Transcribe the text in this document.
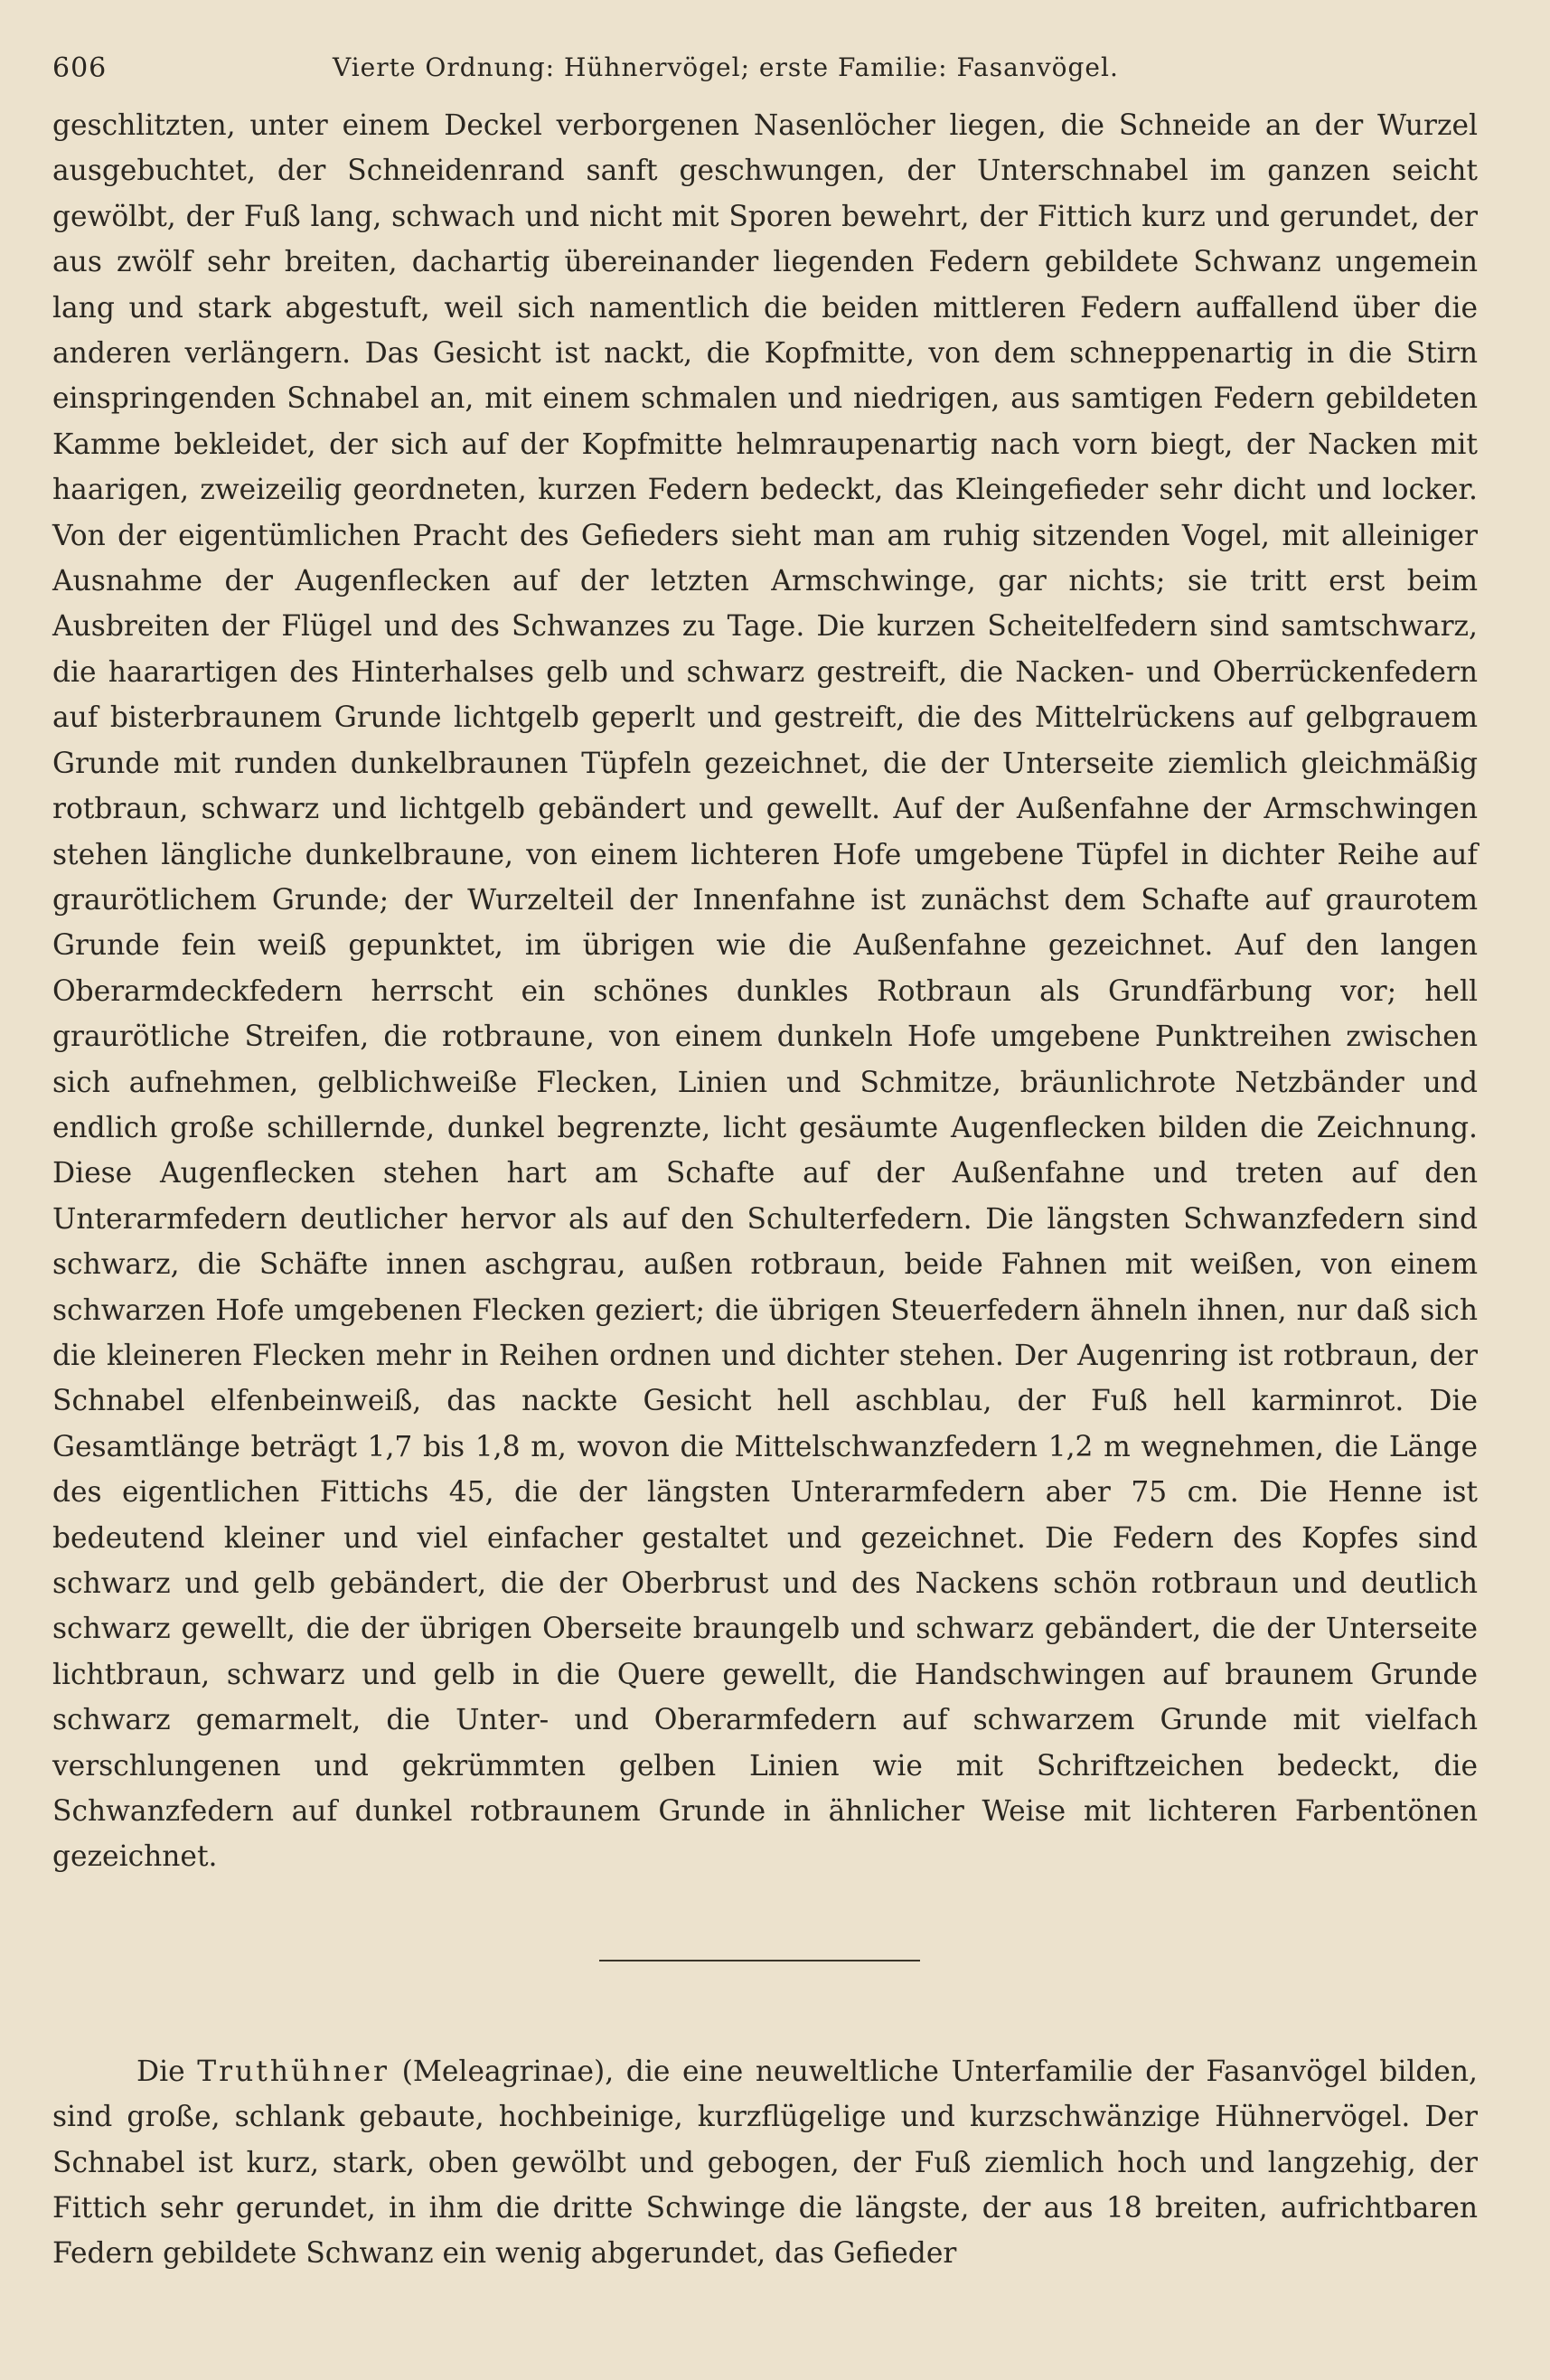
606	Vierte Ordnung: Hühnervögel; erste Familie: Fasanvögel.

geschlitzten, unter einem Deckel verborgenen Nasenlöcher liegen, die Schneide an der Wurzel ausgebuchtet, der Schneidenrand sanft geschwungen, der Unterschnabel im ganzen seicht gewölbt, der Fuß lang, schwach und nicht mit Sporen bewehrt, der Fittich kurz und gerundet, der aus zwölf sehr breiten, dachartig übereinander liegenden Federn gebildete Schwanz ungemein lang und stark abgestuft, weil sich namentlich die beiden mittleren Federn auffallend über die anderen verlängern. Das Gesicht ist nackt, die Kopfmitte, von dem schneppenartig in die Stirn einspringenden Schnabel an, mit einem schmalen und niedrigen, aus samtigen Federn gebildeten Kamme bekleidet, der sich auf der Kopfmitte helmraupenartig nach vorn biegt, der Nacken mit haarigen, zweizeilig geordneten, kurzen Federn bedeckt, das Kleingefieder sehr dicht und locker. Von der eigentümlichen Pracht des Gefieders sieht man am ruhig sitzenden Vogel, mit alleiniger Ausnahme der Augenflecken auf der letzten Armschwinge, gar nichts; sie tritt erst beim Ausbreiten der Flügel und des Schwanzes zu Tage. Die kurzen Scheitelfedern sind samtschwarz, die haarartigen des Hinterhalses gelb und schwarz gestreift, die Nacken- und Oberrückenfedern auf bisterbraunem Grunde lichtgelb geperlt und gestreift, die des Mittelrückens auf gelbgrauem Grunde mit runden dunkelbraunen Tüpfeln gezeichnet, die der Unterseite ziemlich gleichmäßig rotbraun, schwarz und lichtgelb gebändert und gewellt. Auf der Außenfahne der Armschwingen stehen längliche dunkelbraune, von einem lichteren Hofe umgebene Tüpfel in dichter Reihe auf graurötlichem Grunde; der Wurzelteil der Innenfahne ist zunächst dem Schafte auf graurotem Grunde fein weiß gepunktet, im übrigen wie die Außenfahne gezeichnet. Auf den langen Oberarmdeckfedern herrscht ein schönes dunkles Rotbraun als Grundfärbung vor; hell graurötliche Streifen, die rotbraune, von einem dunkeln Hofe umgebene Punktreihen zwischen sich aufnehmen, gelblichweiße Flecken, Linien und Schmitze, bräunlichrote Netzbänder und endlich große schillernde, dunkel begrenzte, licht gesäumte Augenflecken bilden die Zeichnung. Diese Augenflecken stehen hart am Schafte auf der Außenfahne und treten auf den Unterarmfedern deutlicher hervor als auf den Schulterfedern. Die längsten Schwanzfedern sind schwarz, die Schäfte innen aschgrau, außen rotbraun, beide Fahnen mit weißen, von einem schwarzen Hofe umgebenen Flecken geziert; die übrigen Steuerfedern ähneln ihnen, nur daß sich die kleineren Flecken mehr in Reihen ordnen und dichter stehen. Der Augenring ist rotbraun, der Schnabel elfenbeinweiß, das nackte Gesicht hell aschblau, der Fuß hell karminrot. Die Gesamtlänge beträgt 1,7 bis 1,8 m, wovon die Mittelschwanzfedern 1,2 m wegnehmen, die Länge des eigentlichen Fittichs 45, die der längsten Unterarmfedern aber 75 cm. Die Henne ist bedeutend kleiner und viel einfacher gestaltet und gezeichnet. Die Federn des Kopfes sind schwarz und gelb gebändert, die der Oberbrust und des Nackens schön rotbraun und deutlich schwarz gewellt, die der übrigen Oberseite braungelb und schwarz gebändert, die der Unterseite lichtbraun, schwarz und gelb in die Quere gewellt, die Handschwingen auf braunem Grunde schwarz gemarmelt, die Unter- und Oberarmfedern auf schwarzem Grunde mit vielfach verschlungenen und gekrümmten gelben Linien wie mit Schriftzeichen bedeckt, die Schwanzfedern auf dunkel rotbraunem Grunde in ähnlicher Weise mit lichteren Farbentönen gezeichnet.

Die Truthühner (Meleagrinae), die eine neuweltliche Unterfamilie der Fasanvögel bilden, sind große, schlank gebaute, hochbeinige, kurzflügelige und kurzschwänzige Hühnervögel. Der Schnabel ist kurz, stark, oben gewölbt und gebogen, der Fuß ziemlich hoch und langzehig, der Fittich sehr gerundet, in ihm die dritte Schwinge die längste, der aus 18 breiten, aufrichtbaren Federn gebildete Schwanz ein wenig abgerundet, das Gefieder
